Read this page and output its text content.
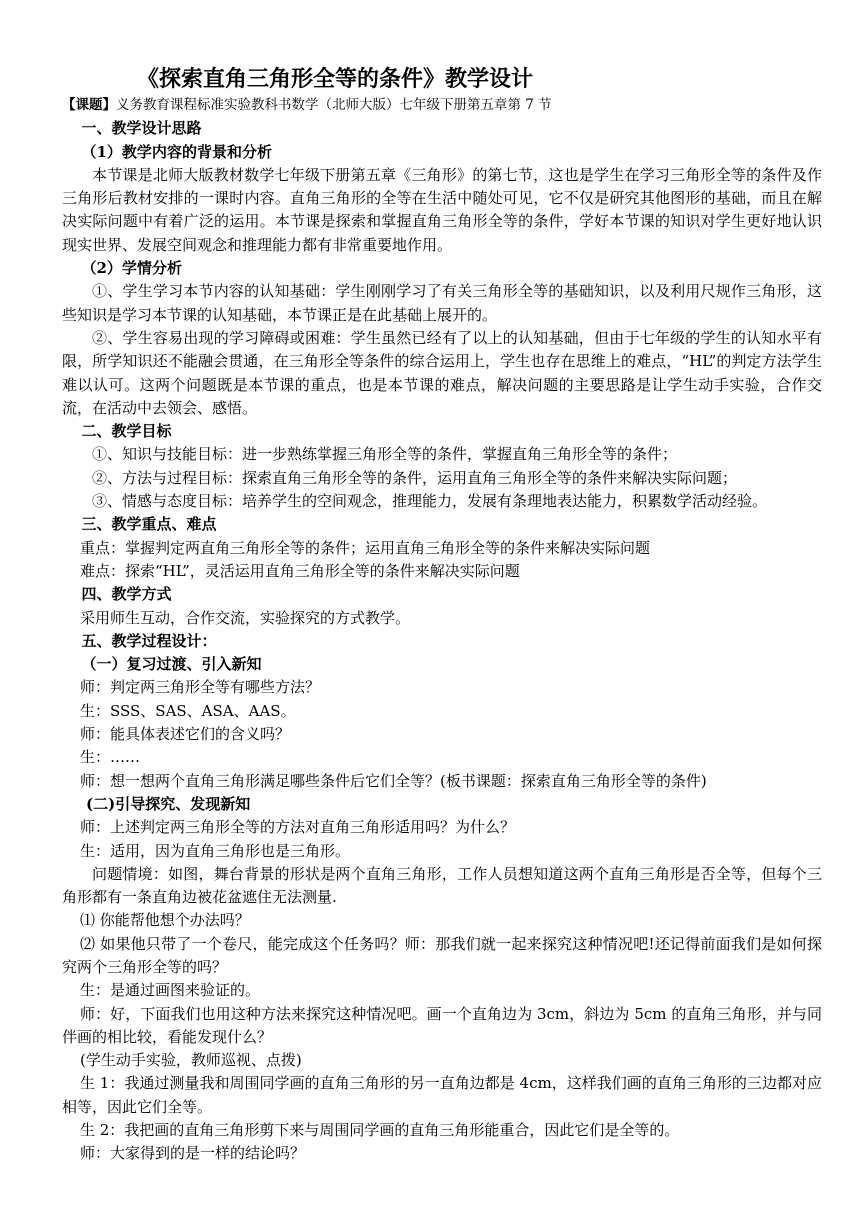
《探索直角三角形全等的条件》教学设计

【课题】义务教育课程标准实验教科书数学（北师大版）七年级下册第五章第 7 节

一、教学设计思路

（1）教学内容的背景和分析

本节课是北师大版教材数学七年级下册第五章《三角形》的第七节，这也是学生在学习三角形全等的条件及作三角形后教材安排的一课时内容。直角三角形的全等在生活中随处可见，它不仅是研究其他图形的基础，而且在解决实际问题中有着广泛的运用。本节课是探索和掌握直角三角形全等的条件，学好本节课的知识对学生更好地认识现实世界、发展空间观念和推理能力都有非常重要地作用。

（2）学情分析

①、学生学习本节内容的认知基础：学生刚刚学习了有关三角形全等的基础知识，以及利用尺规作三角形，这些知识是学习本节课的认知基础，本节课正是在此基础上展开的。

②、学生容易出现的学习障碍或困难：学生虽然已经有了以上的认知基础，但由于七年级的学生的认知水平有限，所学知识还不能融会贯通，在三角形全等条件的综合运用上，学生也存在思维上的难点，“HL”的判定方法学生难以认可。这两个问题既是本节课的重点，也是本节课的难点，解决问题的主要思路是让学生动手实验，合作交流，在活动中去领会、感悟。

二、教学目标

①、知识与技能目标：进一步熟练掌握三角形全等的条件，掌握直角三角形全等的条件；

②、方法与过程目标：探索直角三角形全等的条件，运用直角三角形全等的条件来解决实际问题；

③、情感与态度目标：培养学生的空间观念，推理能力，发展有条理地表达能力，积累数学活动经验。

三、教学重点、难点

重点：掌握判定两直角三角形全等的条件；运用直角三角形全等的条件来解决实际问题

难点：探索“HL”，灵活运用直角三角形全等的条件来解决实际问题

四、教学方式

采用师生互动，合作交流，实验探究的方式教学。

五、教学过程设计：

（一）复习过渡、引入新知

师：判定两三角形全等有哪些方法？

生：SSS、SAS、ASA、AAS。

师：能具体表述它们的含义吗？

生：……

师：想一想两个直角三角形满足哪些条件后它们全等？(板书课题：探索直角三角形全等的条件)

(二)引导探究、发现新知

师：上述判定两三角形全等的方法对直角三角形适用吗？为什么？

生：适用，因为直角三角形也是三角形。

问题情境：如图，舞台背景的形状是两个直角三角形，工作人员想知道这两个直角三角形是否全等，但每个三角形都有一条直角边被花盆遮住无法测量.

⑴ 你能帮他想个办法吗？

⑵ 如果他只带了一个卷尺，能完成这个任务吗？师：那我们就一起来探究这种情况吧!还记得前面我们是如何探究两个三角形全等的吗？

生：是通过画图来验证的。

师：好，下面我们也用这种方法来探究这种情况吧。画一个直角边为 3cm，斜边为 5cm 的直角三角形，并与同伴画的相比较，看能发现什么？

(学生动手实验，教师巡视、点拨)

生 1：我通过测量我和周围同学画的直角三角形的另一直角边都是 4cm，这样我们画的直角三角形的三边都对应相等，因此它们全等。

生 2：我把画的直角三角形剪下来与周围同学画的直角三角形能重合，因此它们是全等的。

师：大家得到的是一样的结论吗？
